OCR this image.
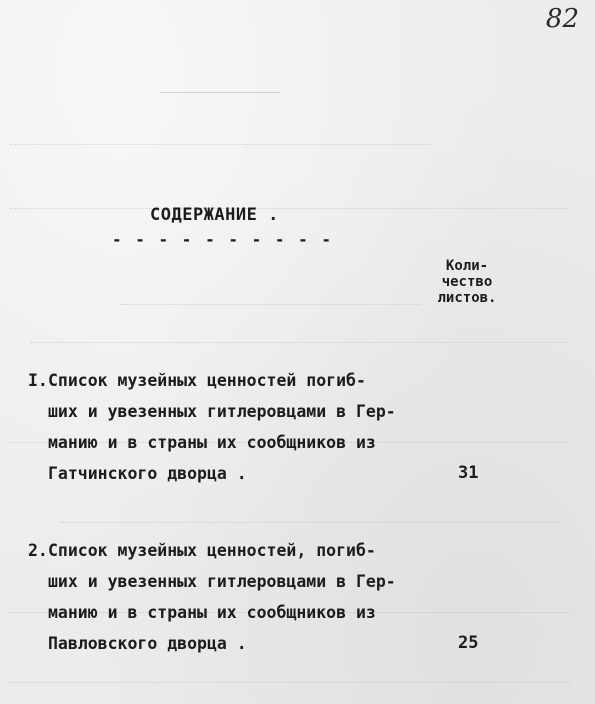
82
СОДЕРЖАНИЕ .
- - - - - - - - - -
Коли-
чество
листов.
I. Список музейных ценностей погиб-
ших и увезенных гитлеровцами в Гер-
манию и в страны их сообщников из
Гатчинского дворца .	31
2. Список музейных ценностей, погиб-
ших и увезенных гитлеровцами в Гер-
манию и в страны их сообщников из
Павловского дворца .	25
